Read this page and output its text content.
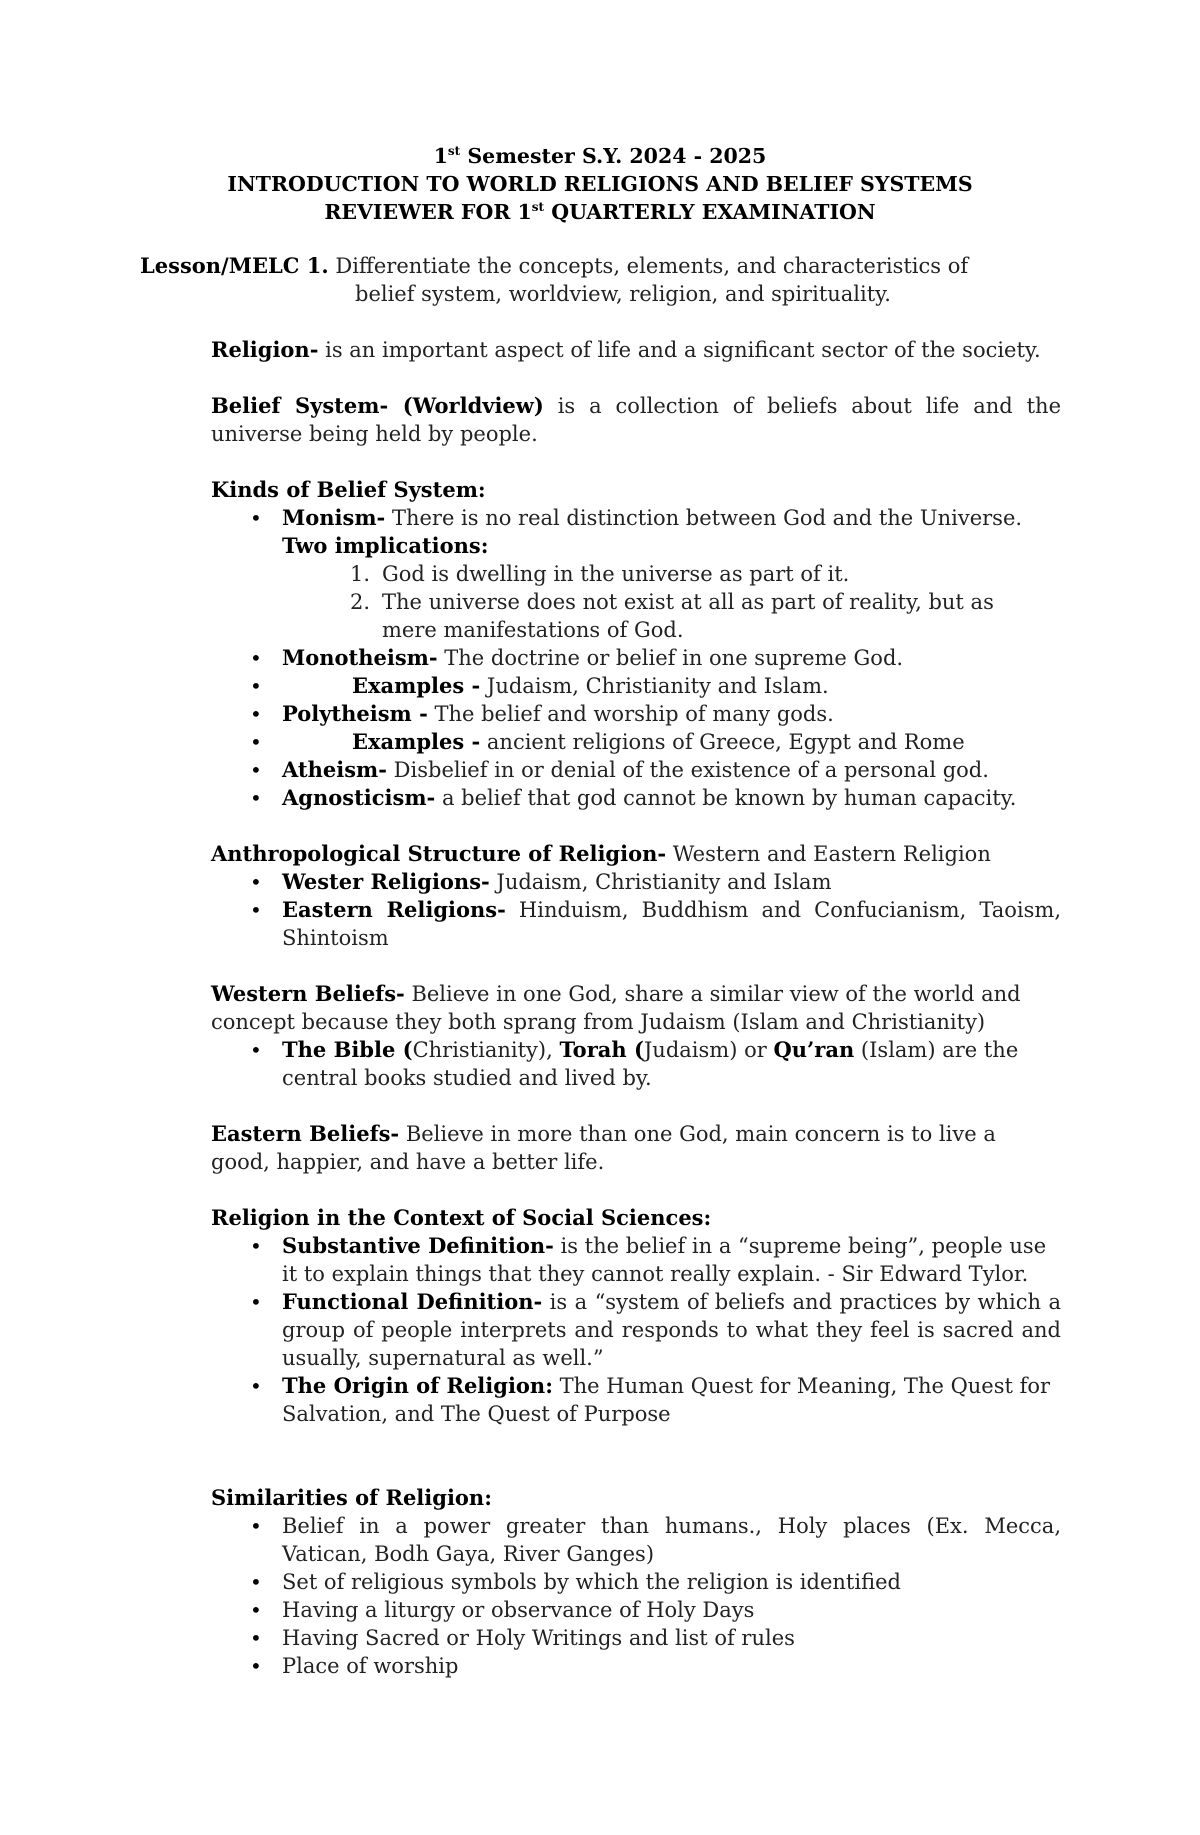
1st Semester S.Y. 2024 - 2025
INTRODUCTION TO WORLD RELIGIONS AND BELIEF SYSTEMS
REVIEWER FOR 1st QUARTERLY EXAMINATION
Lesson/MELC 1. Differentiate the concepts, elements, and characteristics of
belief system, worldview, religion, and spirituality.
Religion- is an important aspect of life and a significant sector of the society.
Belief System- (Worldview) is a collection of beliefs about life and the universe being held by people.
Kinds of Belief System:
• Monism- There is no real distinction between God and the Universe.
Two implications:
1. God is dwelling in the universe as part of it.
2. The universe does not exist at all as part of reality, but as mere manifestations of God.
• Monotheism- The doctrine or belief in one supreme God.
• Examples - Judaism, Christianity and Islam.
• Polytheism - The belief and worship of many gods.
• Examples - ancient religions of Greece, Egypt and Rome
• Atheism- Disbelief in or denial of the existence of a personal god.
• Agnosticism- a belief that god cannot be known by human capacity.
Anthropological Structure of Religion- Western and Eastern Religion
• Wester Religions- Judaism, Christianity and Islam
• Eastern Religions- Hinduism, Buddhism and Confucianism, Taoism, Shintoism
Western Beliefs- Believe in one God, share a similar view of the world and concept because they both sprang from Judaism (Islam and Christianity)
• The Bible (Christianity), Torah (Judaism) or Qu’ran (Islam) are the central books studied and lived by.
Eastern Beliefs- Believe in more than one God, main concern is to live a good, happier, and have a better life.
Religion in the Context of Social Sciences:
• Substantive Definition- is the belief in a “supreme being”, people use it to explain things that they cannot really explain. - Sir Edward Tylor.
• Functional Definition- is a “system of beliefs and practices by which a group of people interprets and responds to what they feel is sacred and usually, supernatural as well.”
• The Origin of Religion: The Human Quest for Meaning, The Quest for Salvation, and The Quest of Purpose
Similarities of Religion:
• Belief in a power greater than humans., Holy places (Ex. Mecca, Vatican, Bodh Gaya, River Ganges)
• Set of religious symbols by which the religion is identified
• Having a liturgy or observance of Holy Days
• Having Sacred or Holy Writings and list of rules
• Place of worship
